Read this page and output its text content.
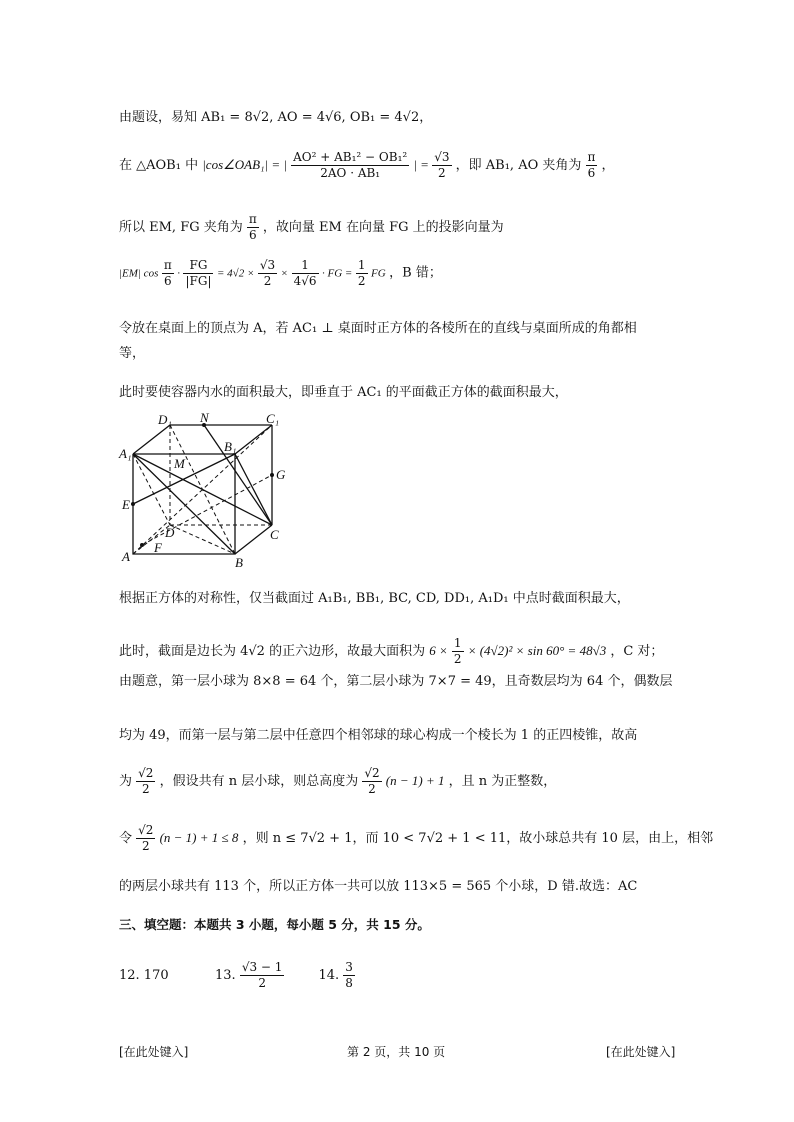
由题设，易知 AB₁ = 8√2, AO = 4√6, OB₁ = 4√2，
在 △AOB₁ 中 |cos∠OAB₁| = | $\frac{\text{AO² + AB₁² − OB₁²}}{\text{2AO · AB₁}}$ | = $\frac{√3}{2}$ ，即 AB₁, AO 夹角为 $\frac{\pi}{6}$ ，
所以 EM, FG 夹角为 $\frac{\pi}{6}$ ，故向量 EM 在向量 FG 上的投影向量为
|EM| $\cos \frac{\pi}{6} \cdot \frac{FG}{|FG|} = 4√2 \times \frac{√3}{2} \times \frac{1}{4√6}$ · FG = $\frac{1}{2}$ FG ，B 错；
令放在桌面上的顶点为 A，若 AC₁ ⊥ 桌面时正方体的各棱所在的直线与桌面所成的角都相
等，
此时要使容器内水的面积最大，即垂直于 AC₁ 的平面截正方体的截面积最大，
D₁ N	C₁
A₁	B₁
M
G
E
D	C
A
F
B
根据正方体的对称性，仅当截面过 A₁B₁, BB₁, BC, CD, DD₁, A₁D₁ 中点时截面积最大，
此时，截面是边长为 4√2 的正六边形，故最大面积为 $6 \times \frac{1}{2} \times (4√2)^2 \times \sin 60^\circ = 48√3$ ，C 对；
由题意，第一层小球为 8×8 = 64 个，第二层小球为 7×7 = 49，且奇数层均为 64 个，偶数层
均为 49，而第一层与第二层中任意四个相邻球的球心构成一个棱长为 1 的正四棱锥，故高
为 $\frac{√2}{2}$ ，假设共有 n 层小球，则总高度为 $\frac{√2}{2} (n - 1) + 1$ ，且 n 为正整数，
令 $\frac{√2}{2} (n - 1) + 1 \le 8$ ，则 n ≤ 7√2 + 1，而 10 < 7√2 + 1 < 11，故小球总共有 10 层，由上，相邻
的两层小球共有 113 个，所以正方体一共可以放 113×5 = 565 个小球，D 错.故选：AC
三、填空题：本题共 3 小题，每小题 5 分，共 15 分。
12. 170	13. $\frac{√3 - 1}{2}$	14. $\frac{3}{8}$
[在此处键入]	第 2 页，共 10 页	[在此处键入]
